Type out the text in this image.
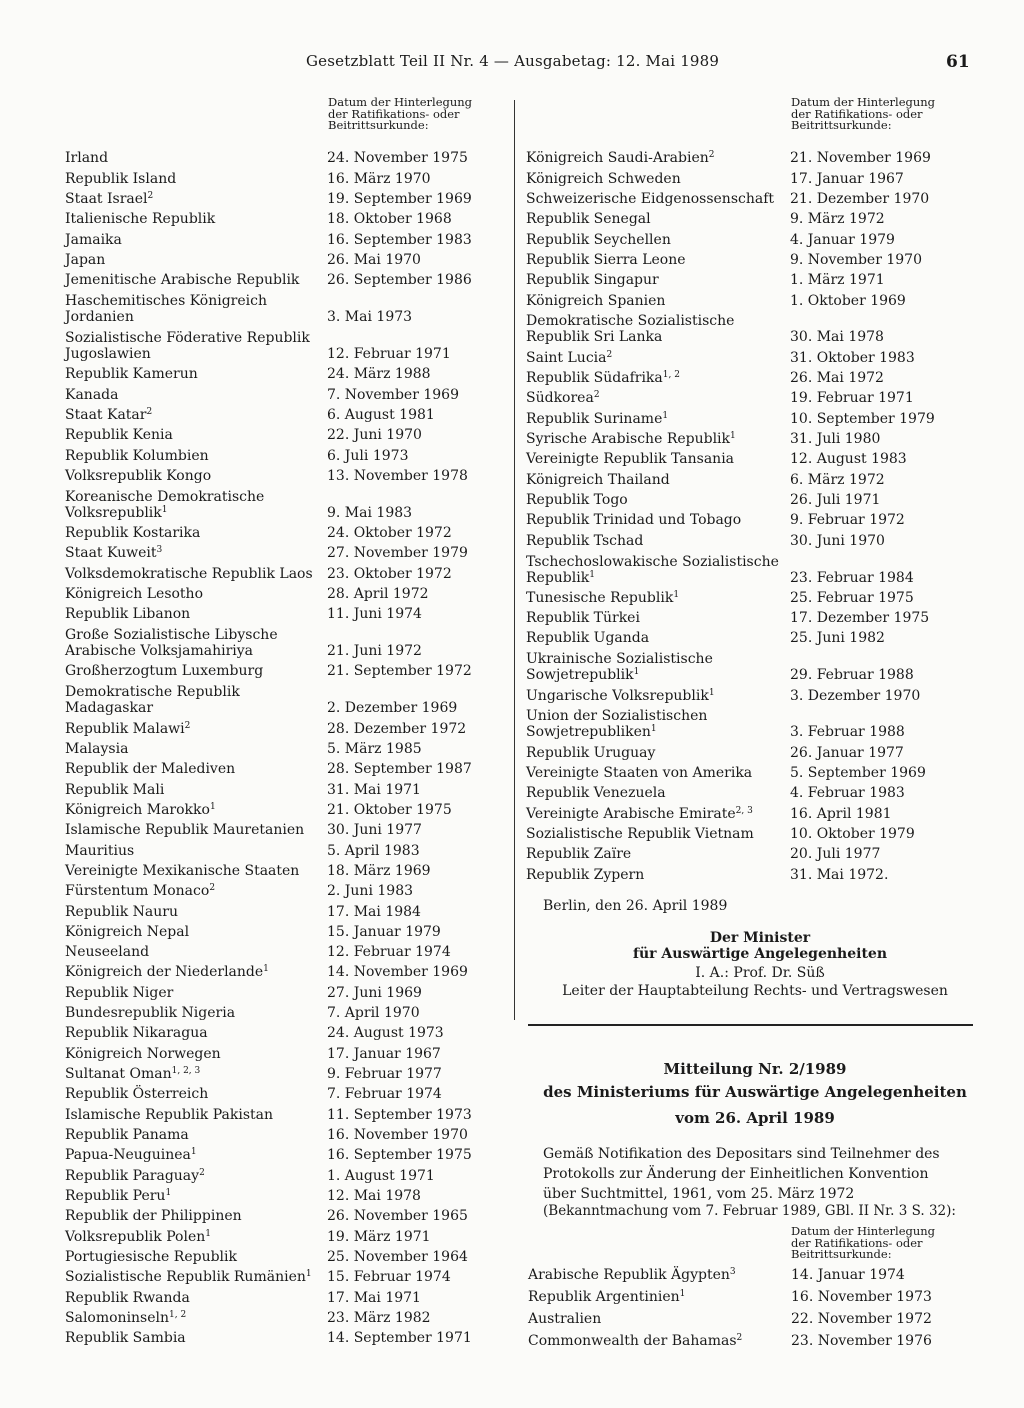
Gesetzblatt Teil II Nr. 4 — Ausgabetag: 12. Mai 1989	61
Datum der Hinterlegung
der Ratifikations- oder
Beitrittsurkunde:
Datum der Hinterlegung
der Ratifikations- oder
Beitrittsurkunde:
Irland	24. November 1975
Republik Island	16. März 1970
Staat Israel$^2$	19. September 1969
Italienische Republik	18. Oktober 1968
Jamaika	16. September 1983
Japan	26. Mai 1970
Jemenitische Arabische Republik 26. September 1986
Haschemitisches Königreich
Jordanien	3. Mai 1973
Sozialistische Föderative Republik
Jugoslawien	12. Februar 1971
Republik Kamerun	24. März 1988
Kanada	7. November 1969
Staat Katar$^2$	6. August 1981
Republik Kenia	22. Juni 1970
Republik Kolumbien	6. Juli 1973
Volksrepublik Kongo	13. November 1978
Koreanische Demokratische
Volksrepublik$^1$	9. Mai 1983
Republik Kostarika	24. Oktober 1972
Staat Kuweit$^3$	27. November 1979
Volksdemokratische Republik Laos 23. Oktober 1972
Königreich Lesotho	28. April 1972
Republik Libanon	11. Juni 1974
Große Sozialistische Libysche
Arabische Volksjamahiriya	21. Juni 1972
Großherzogtum Luxemburg	21. September 1972
Demokratische Republik
Madagaskar	2. Dezember 1969
Republik Malawi$^2$	28. Dezember 1972
Malaysia	5. März 1985
Republik der Malediven	28. September 1987
Republik Mali	31. Mai 1971
Königreich Marokko$^1$	21. Oktober 1975
Islamische Republik Mauretanien 30. Juni 1977
Mauritius	5. April 1983
Vereinigte Mexikanische Staaten 18. März 1969
Fürstentum Monaco$^2$	2. Juni 1983
Republik Nauru	17. Mai 1984
Königreich Nepal	15. Januar 1979
Neuseeland	12. Februar 1974
Königreich der Niederlande$^1$	14. November 1969
Republik Niger	27. Juni 1969
Bundesrepublik Nigeria	7. April 1970
Republik Nikaragua	24. August 1973
Königreich Norwegen	17. Januar 1967
Sultanat Oman$^{1, 2, 3}$	9. Februar 1977
Republik Österreich	7. Februar 1974
Islamische Republik Pakistan	11. September 1973
Republik Panama	16. November 1970
Papua-Neuguinea$^1$	16. September 1975
Republik Paraguay$^2$	1. August 1971
Republik Peru$^1$	12. Mai 1978
Republik der Philippinen	26. November 1965
Volksrepublik Polen$^1$	19. März 1971
Portugiesische Republik	25. November 1964
Sozialistische Republik Rumänien$^1$ 15. Februar 1974
Republik Rwanda	17. Mai 1971
Salomoninseln$^{1, 2}$	23. März 1982
Republik Sambia	14. September 1971
Königreich Saudi-Arabien$^2$	21. November 1969
Königreich Schweden	17. Januar 1967
Schweizerische Eidgenossenschaft 21. Dezember 1970
Republik Senegal	9. März 1972
Republik Seychellen	4. Januar 1979
Republik Sierra Leone	9. November 1970
Republik Singapur	1. März 1971
Königreich Spanien	1. Oktober 1969
Demokratische Sozialistische
Republik Sri Lanka	30. Mai 1978
Saint Lucia$^2$	31. Oktober 1983
Republik Südafrika$^{1, 2}$	26. Mai 1972
Südkorea$^2$	19. Februar 1971
Republik Suriname$^1$	10. September 1979
Syrische Arabische Republik$^1$	31. Juli 1980
Vereinigte Republik Tansania	12. August 1983
Königreich Thailand	6. März 1972
Republik Togo	26. Juli 1971
Republik Trinidad und Tobago	9. Februar 1972
Republik Tschad	30. Juni 1970
Tschechoslowakische Sozialistische
Republik$^1$	23. Februar 1984
Tunesische Republik$^1$	25. Februar 1975
Republik Türkei	17. Dezember 1975
Republik Uganda	25. Juni 1982
Ukrainische Sozialistische
Sowjetrepublik$^1$	29. Februar 1988
Ungarische Volksrepublik$^1$	3. Dezember 1970
Union der Sozialistischen
Sowjetrepubliken$^1$	3. Februar 1988
Republik Uruguay	26. Januar 1977
Vereinigte Staaten von Amerika	5. September 1969
Republik Venezuela	4. Februar 1983
Vereinigte Arabische Emirate$^{2, 3}$	16. April 1981
Sozialistische Republik Vietnam	10. Oktober 1979
Republik Zaïre	20. Juli 1977
Republik Zypern	31. Mai 1972.
Berlin, den 26. April 1989
Der Minister
für Auswärtige Angelegenheiten
I. A.: Prof. Dr. Süß
Leiter der Hauptabteilung Rechts- und Vertragswesen
Mitteilung Nr. 2/1989
des Ministeriums für Auswärtige Angelegenheiten
vom 26. April 1989
Gemäß Notifikation des Depositars sind Teilnehmer des
Protokolls zur Änderung der Einheitlichen Konvention
über Suchtmittel, 1961, vom 25. März 1972
(Bekanntmachung vom 7. Februar 1989, GBl. II Nr. 3 S. 32):
Datum der Hinterlegung
der Ratifikations- oder
Beitrittsurkunde:
Arabische Republik Ägypten$^3$	14. Januar 1974
Republik Argentinien$^1$	16. November 1973
Australien	22. November 1972
Commonwealth der Bahamas$^2$	23. November 1976
